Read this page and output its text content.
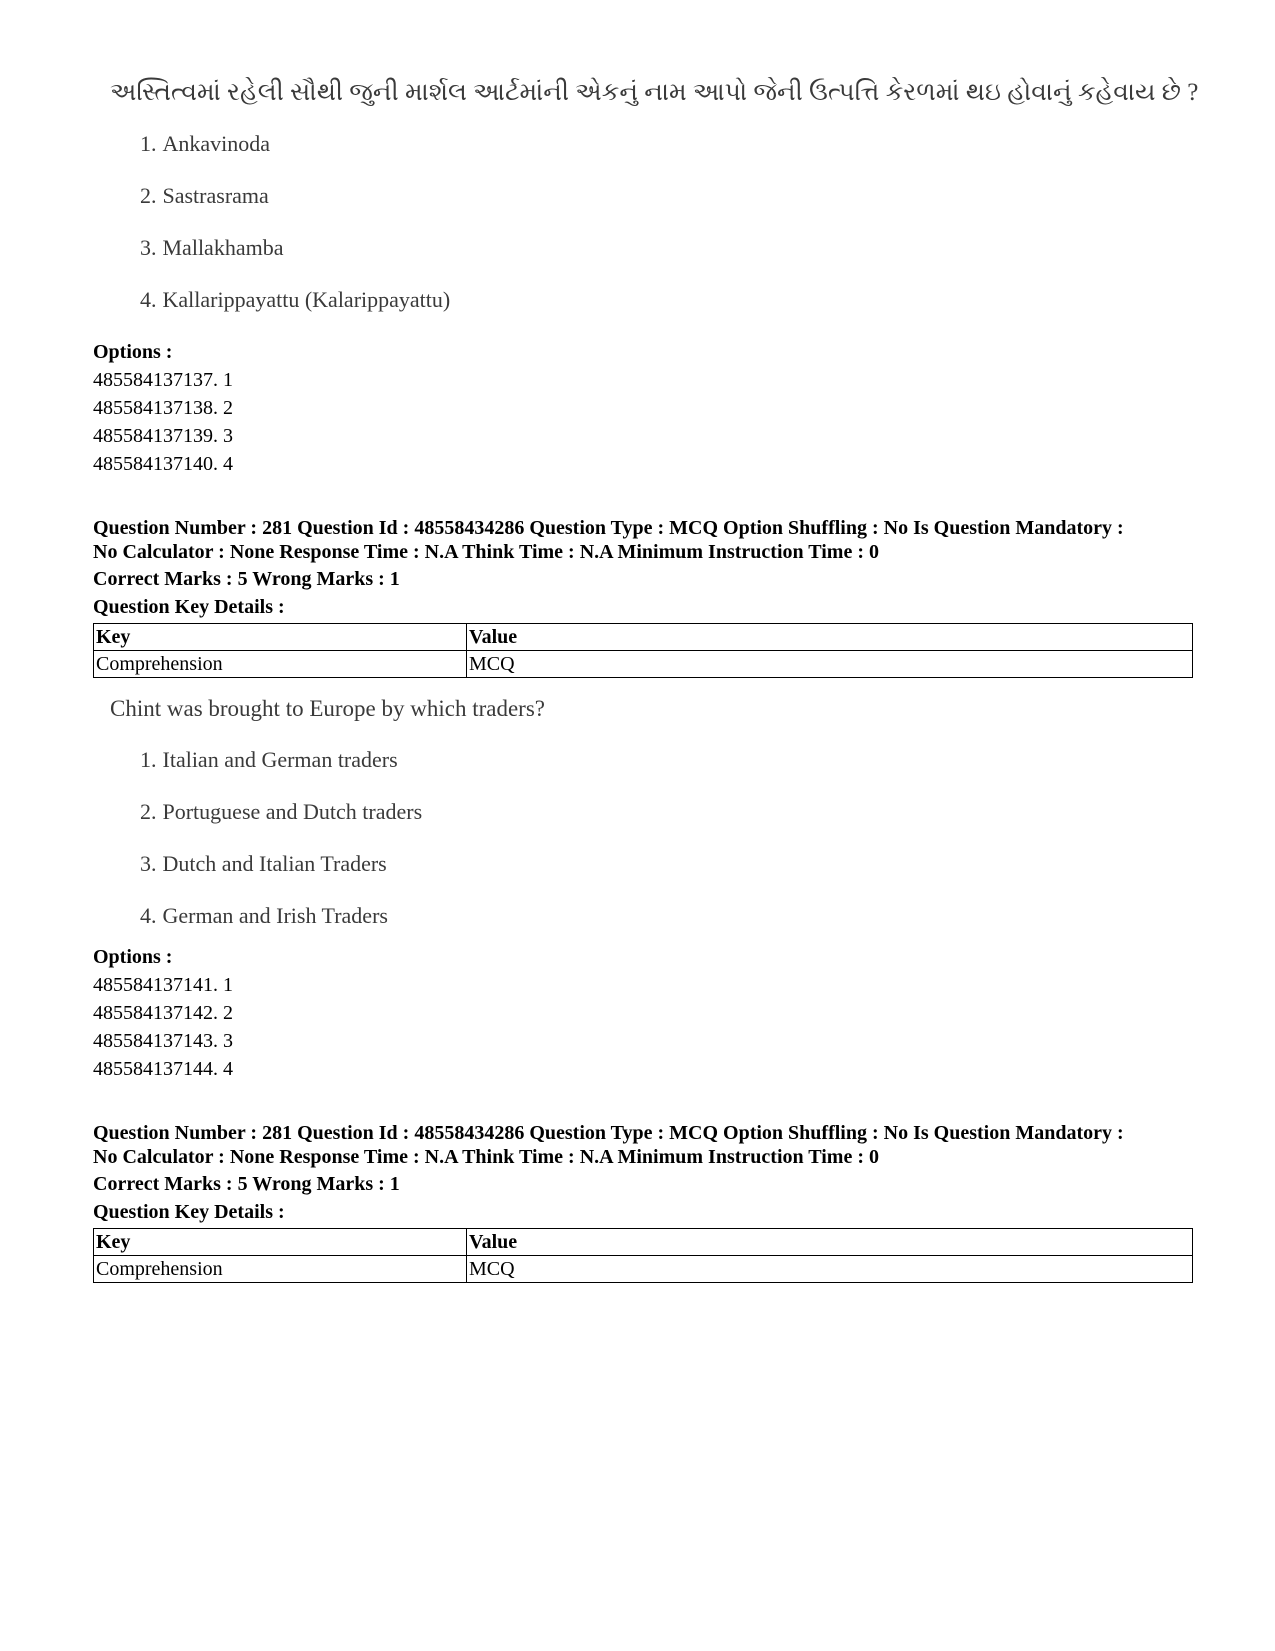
અસ્તિત્વમાં રહેલી સૌથી જુની માર્શલ આર્ટમાંની એકનું નામ આપો જેની ઉત્પત્તિ કેરળમાં થઇ હોવાનું કહેવાય છે ?
1. Ankavinoda
2. Sastrasrama
3. Mallakhamba
4. Kallarippayattu (Kalarippayattu)
Options :
485584137137. 1
485584137138. 2
485584137139. 3
485584137140. 4
Question Number : 281 Question Id : 48558434286 Question Type : MCQ Option Shuffling : No Is Question Mandatory :
No Calculator : None Response Time : N.A Think Time : N.A Minimum Instruction Time : 0
Correct Marks : 5 Wrong Marks : 1
Question Key Details :
Key	Value
Comprehension	MCQ
Chint was brought to Europe by which traders?
1. Italian and German traders
2. Portuguese and Dutch traders
3. Dutch and Italian Traders
4. German and Irish Traders
Options :
485584137141. 1
485584137142. 2
485584137143. 3
485584137144. 4
Question Number : 281 Question Id : 48558434286 Question Type : MCQ Option Shuffling : No Is Question Mandatory :
No Calculator : None Response Time : N.A Think Time : N.A Minimum Instruction Time : 0
Correct Marks : 5 Wrong Marks : 1
Question Key Details :
Key	Value
Comprehension	MCQ
